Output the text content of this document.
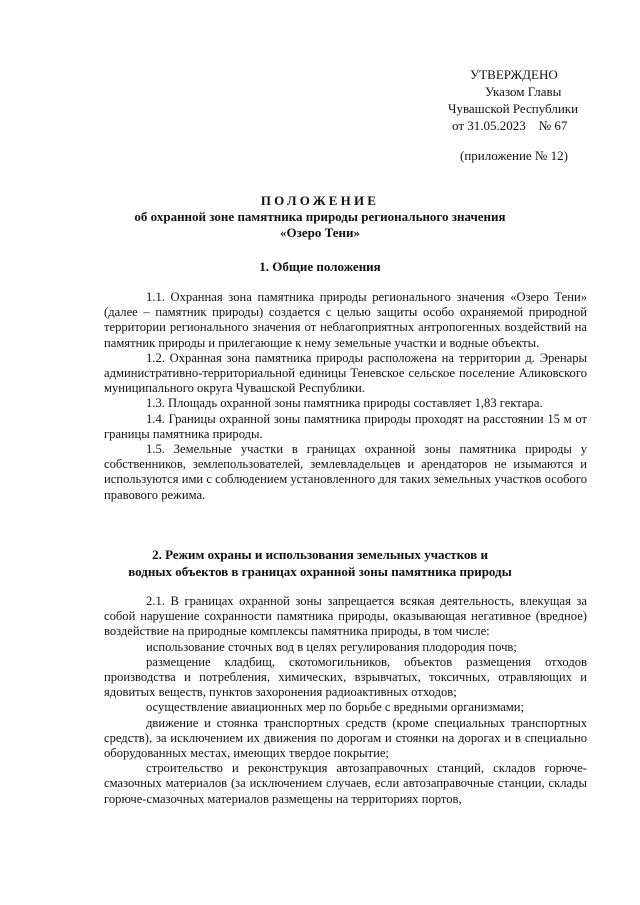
УТВЕРЖДЕНО
Указом Главы
Чувашской Республики
от 31.05.2023    № 67
(приложение № 12)
ПОЛОЖЕНИЕ
об охранной зоне памятника природы регионального значения
«Озеро Тени»
1. Общие положения

1.1. Охранная зона памятника природы регионального значения «Озеро Тени» (далее – памятник природы) создается с целью защиты особо охраняемой природной территории регионального значения от неблагоприятных антропогенных воздействий на памятник природы и прилегающие к нему земельные участки и водные объекты.

1.2. Охранная зона памятника природы расположена на территории д. Эренары административно-территориальной единицы Теневское сельское поселение Аликовского муниципального округа Чувашской Республики.

1.3. Площадь охранной зоны памятника природы составляет 1,83 гектара.

1.4. Границы охранной зоны памятника природы проходят на расстоянии 15 м от границы памятника природы.

1.5. Земельные участки в границах охранной зоны памятника природы у собственников, землепользователей, землевладельцев и арендаторов не изымаются и используются ими с соблюдением установленного для таких земельных участков особого правового режима.

2. Режим охраны и использования земельных участков и
водных объектов в границах охранной зоны памятника природы

2.1. В границах охранной зоны запрещается всякая деятельность, влекущая за собой нарушение сохранности памятника природы, оказывающая негативное (вредное) воздействие на природные комплексы памятника природы, в том числе:

использование сточных вод в целях регулирования плодородия почв;

размещение кладбищ, скотомогильников, объектов размещения отходов производства и потребления, химических, взрывчатых, токсичных, отравляющих и ядовитых веществ, пунктов захоронения радиоактивных отходов;

осуществление авиационных мер по борьбе с вредными организмами;

движение и стоянка транспортных средств (кроме специальных транспортных средств), за исключением их движения по дорогам и стоянки на дорогах и в специально оборудованных местах, имеющих твердое покрытие;

строительство и реконструкция автозаправочных станций, складов горюче-смазочных материалов (за исключением случаев, если автозаправочные станции, склады горюче-смазочных материалов размещены на территориях портов,
